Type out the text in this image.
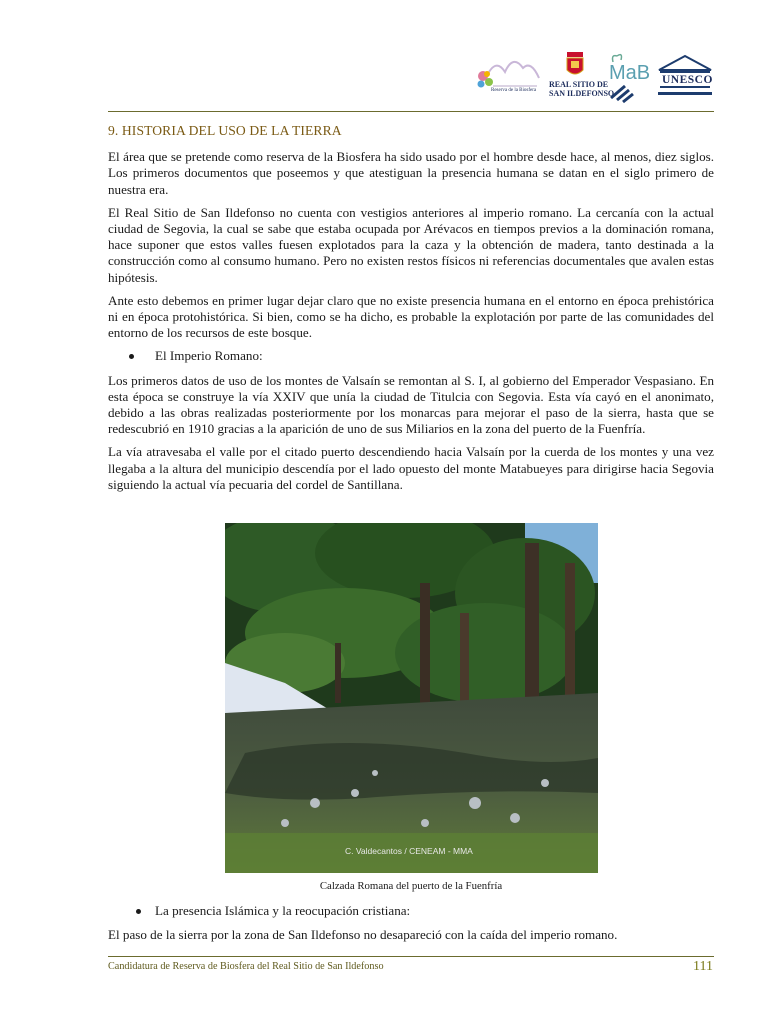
Reserva de la Biosfera
REAL SITIO DE
SAN ILDEFONSO
MaB UNESCO
9. HISTORIA DEL USO DE LA TIERRA

El área que se pretende como reserva de la Biosfera ha sido usado por el hombre desde hace, al menos, diez siglos. Los primeros documentos que poseemos y que atestiguan la presencia humana se datan en el siglo primero de nuestra era.

El Real Sitio de San Ildefonso no cuenta con vestigios anteriores al imperio romano. La cercanía con la actual ciudad de Segovia, la cual se sabe que estaba ocupada por Arévacos en tiempos previos a la dominación romana, hace suponer que estos valles fuesen explotados para la caza y la obtención de madera, tanto destinada a la construcción como al consumo humano. Pero no existen restos físicos ni referencias documentales que avalen estas hipótesis.

Ante esto debemos en primer lugar dejar claro que no existe presencia humana en el entorno en época prehistórica ni en época protohistórica. Si bien, como se ha dicho, es probable la explotación por parte de las comunidades del entorno de los recursos de este bosque.

El Imperio Romano:

Los primeros datos de uso de los montes de Valsaín se remontan al S. I, al gobierno del Emperador Vespasiano. En esta época se construye la vía XXIV que unía la ciudad de Titulcia con Segovia. Esta vía cayó en el anonimato, debido a las obras realizadas posteriormente por los monarcas para mejorar el paso de la sierra, hasta que se redescubrió en 1910 gracias a la aparición de uno de sus Miliarios en la zona del puerto de la Fuenfría.

La vía atravesaba el valle por el citado puerto descendiendo hacia Valsaín por la cuerda de los montes y una vez llegaba a la altura del municipio descendía por el lado opuesto del monte Matabueyes para dirigirse hacia Segovia siguiendo la actual vía pecuaria del cordel de Santillana.

C. Valdecantos / CENEAM - MMA
Calzada Romana del puerto de la Fuenfría
La presencia Islámica y la reocupación cristiana:
El paso de la sierra por la zona de San Ildefonso no desapareció con la caída del imperio romano.
Candidatura de Reserva de Biosfera del Real Sitio de San Ildefonso	111
